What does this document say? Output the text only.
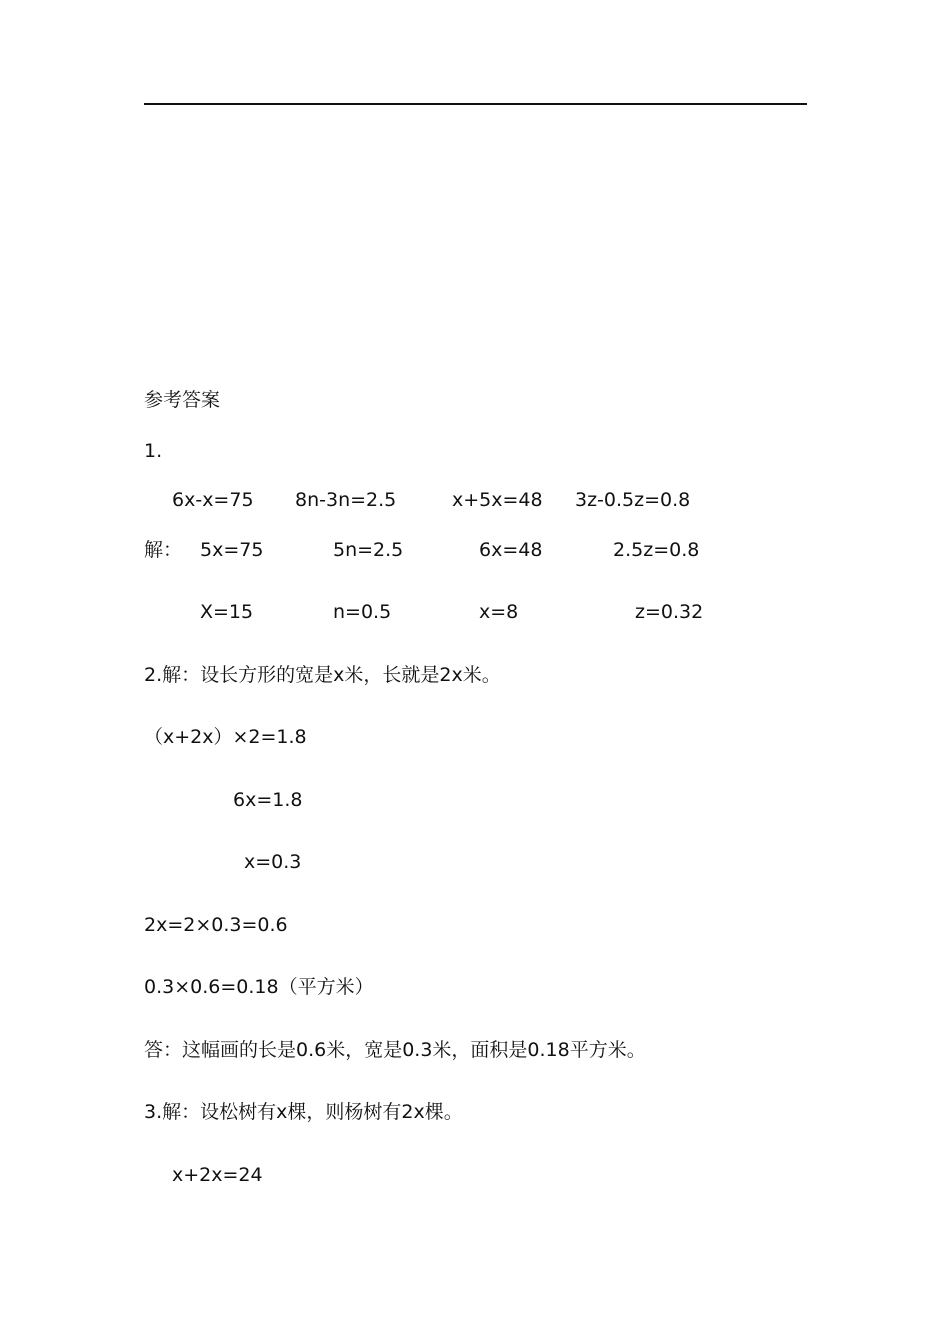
参考答案
1.
6x-x=75 8n-3n=2.5	x+5x=48 3z-0.5z=0.8
解： 5x=75	5n=2.5	6x=48	2.5z=0.8
X=15	n=0.5	x=8	z=0.32
2.解：设长方形的宽是x米，长就是2x米。
（x+2x）×2=1.8
6x=1.8
x=0.3
2x=2×0.3=0.6
0.3×0.6=0.18（平方米）
答：这幅画的长是0.6米，宽是0.3米，面积是0.18平方米。
3.解：设松树有x棵，则杨树有2x棵。
x+2x=24
